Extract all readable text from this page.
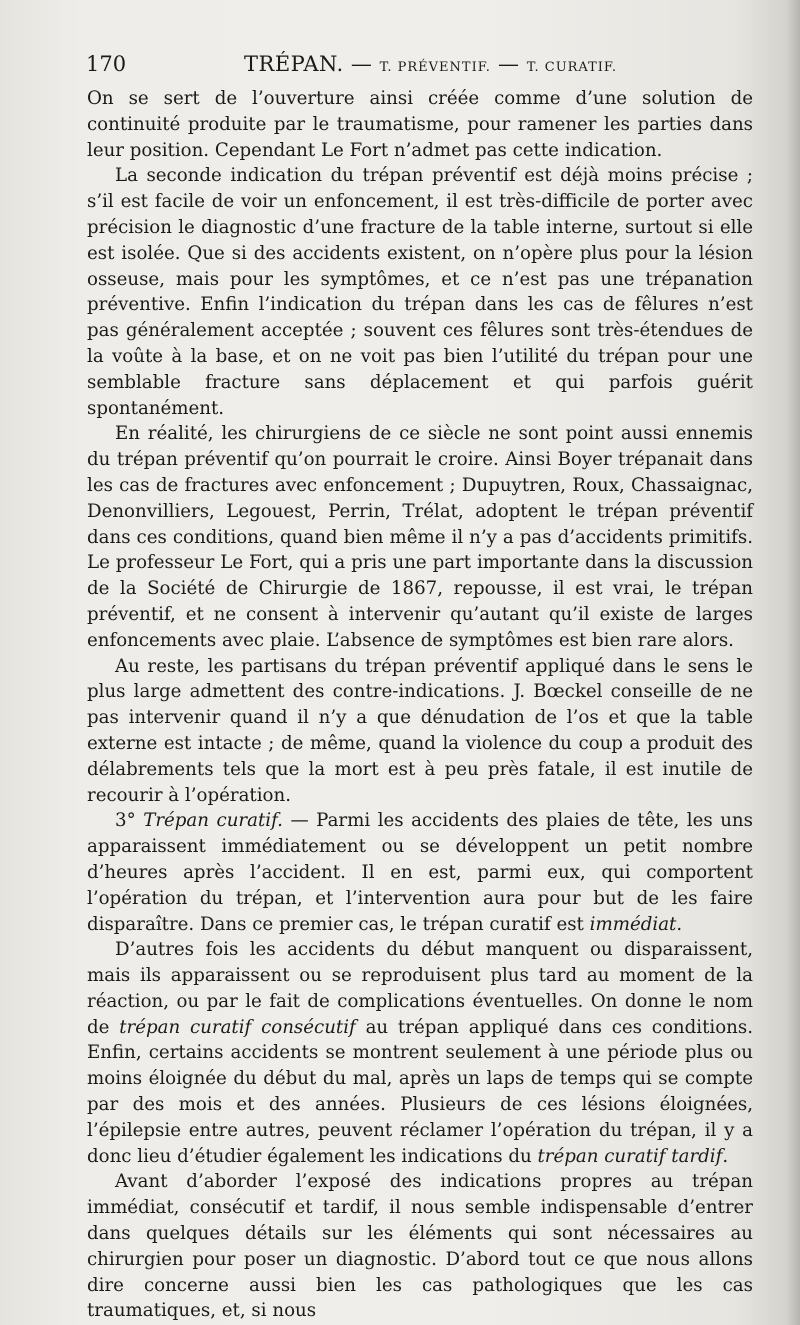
170	TRÉPAN. — T. PRÉVENTIF. — T. CURATIF.

On se sert de l’ouverture ainsi créée comme d’une solution de continuité produite par le traumatisme, pour ramener les parties dans leur position. Cependant Le Fort n’admet pas cette indication.

La seconde indication du trépan préventif est déjà moins précise ; s’il est facile de voir un enfoncement, il est très-difficile de porter avec précision le diagnostic d’une fracture de la table interne, surtout si elle est isolée. Que si des accidents existent, on n’opère plus pour la lésion osseuse, mais pour les symptômes, et ce n’est pas une trépanation préventive. Enfin l’indication du trépan dans les cas de fêlures n’est pas généralement acceptée ; souvent ces fêlures sont très-étendues de la voûte à la base, et on ne voit pas bien l’utilité du trépan pour une semblable fracture sans déplacement et qui parfois guérit spontanément.

En réalité, les chirurgiens de ce siècle ne sont point aussi ennemis du trépan préventif qu’on pourrait le croire. Ainsi Boyer trépanait dans les cas de fractures avec enfoncement ; Dupuytren, Roux, Chassaignac, Denonvilliers, Legouest, Perrin, Trélat, adoptent le trépan préventif dans ces conditions, quand bien même il n’y a pas d’accidents primitifs. Le professeur Le Fort, qui a pris une part importante dans la discussion de la Société de Chirurgie de 1867, repousse, il est vrai, le trépan préventif, et ne consent à intervenir qu’autant qu’il existe de larges enfoncements avec plaie. L’absence de symptômes est bien rare alors.

Au reste, les partisans du trépan préventif appliqué dans le sens le plus large admettent des contre-indications. J. Bœckel conseille de ne pas intervenir quand il n’y a que dénudation de l’os et que la table externe est intacte ; de même, quand la violence du coup a produit des délabrements tels que la mort est à peu près fatale, il est inutile de recourir à l’opération.

3° Trépan curatif. — Parmi les accidents des plaies de tête, les uns apparaissent immédiatement ou se développent un petit nombre d’heures après l’accident. Il en est, parmi eux, qui comportent l’opération du trépan, et l’intervention aura pour but de les faire disparaître. Dans ce premier cas, le trépan curatif est immédiat.

D’autres fois les accidents du début manquent ou disparaissent, mais ils apparaissent ou se reproduisent plus tard au moment de la réaction, ou par le fait de complications éventuelles. On donne le nom de trépan curatif consécutif au trépan appliqué dans ces conditions. Enfin, certains accidents se montrent seulement à une période plus ou moins éloignée du début du mal, après un laps de temps qui se compte par des mois et des années. Plusieurs de ces lésions éloignées, l’épilepsie entre autres, peuvent réclamer l’opération du trépan, il y a donc lieu d’étudier également les indications du trépan curatif tardif.

Avant d’aborder l’exposé des indications propres au trépan immédiat, consécutif et tardif, il nous semble indispensable d’entrer dans quelques détails sur les éléments qui sont nécessaires au chirurgien pour poser un diagnostic. D’abord tout ce que nous allons dire concerne aussi bien les cas pathologiques que les cas traumatiques, et, si nous
